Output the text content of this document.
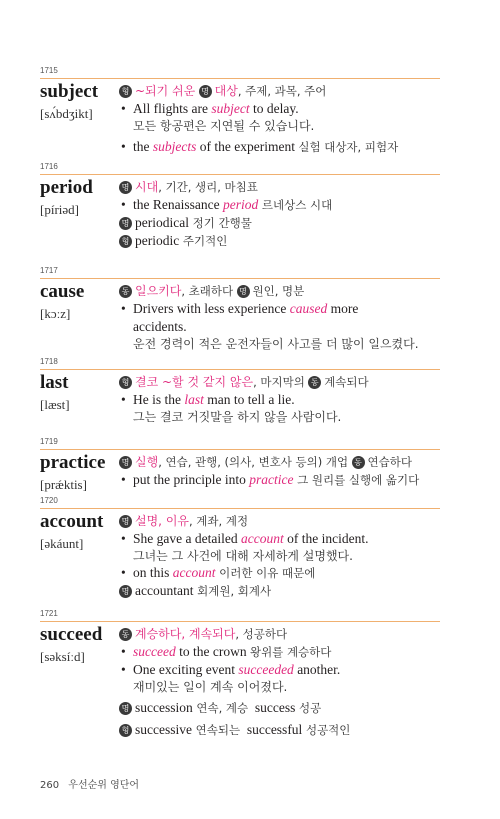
1715
subject
[sʌ́bdʒikt]
형 ~되기 쉬운 명 대상, 주제, 과목, 주어
• All flights are subject to delay.
모든 항공편은 지연될 수 있습니다.
• the subjects of the experiment 실험 대상자, 피험자
1716
period
[píriəd]
명 시대, 기간, 생리, 마침표
• the Renaissance period 르네상스 시대
명 periodical 정기 간행물
형 periodic 주기적인
1717
cause
[kɔːz]
동 일으키다, 초래하다 명 원인, 명분
• Drivers with less experience caused more
accidents.
운전 경력이 적은 운전자들이 사고를 더 많이 일으켰다.
1718
last
[læst]
형 결코 ~할 것 같지 않은, 마지막의 동 계속되다
• He is the last man to tell a lie.
그는 결코 거짓말을 하지 않을 사람이다.
1719
practice
[prǽktis]
명 실행, 연습, 관행, (의사, 변호사 등의) 개업 동 연습하다
• put the principle into practice 그 원리를 실행에 옮기다
1720
account
[əkáunt]
명 설명, 이유, 계좌, 계정
• She gave a detailed account of the incident.
그녀는 그 사건에 대해 자세하게 설명했다.
• on this account 이러한 이유 때문에
명 accountant 회계원, 회계사
1721
succeed
[səksíːd]
동 계승하다, 계속되다, 성공하다
• succeed to the crown 왕위를 계승하다
• One exciting event succeeded another.
재미있는 일이 계속 이어졌다.
명 succession 연속, 계승 success 성공
형 successive 연속되는 successful 성공적인
260 우선순위 영단어
